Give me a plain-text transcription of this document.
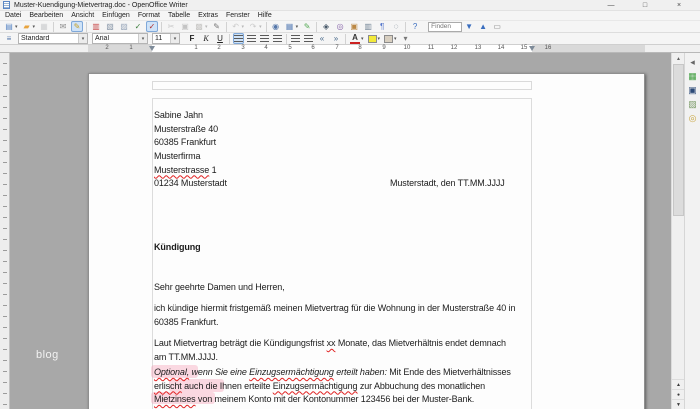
Muster-Kuendigung-Mietvertrag.doc - OpenOffice Writer	—	□	×
Datei	Bearbeiten	Ansicht	Einfügen	Format	Tabelle	Extras	Fenster	Hilfe
▤ ▾ ▰ ▾ ▦ ✉ ✎ ▥ ▧ ▨ ✓ ✓ ✂ ▣ ▩ ▾ ✎ ↶ ▾ ↷ ▾ ◉ ▦ ▾ ✎ ◈ ◎ ▣ ▥	¶	◌	?
Finden	▼ ▲ ▭
≡	Standard	▾	Arial	▾	11	▾	F	K U	«	»	A ▾	▾	▾ ▾
2	1	1	2	3	4	5	6	7	8	9	10	11	12	13	14	15	16
Sabine Jahn
Musterstraße 40
60385 Frankfurt
Musterfirma
Musterstrasse 1
01234 Musterstadt	Musterstadt, den TT.MM.JJJJ
Kündigung
Sehr geehrte Damen und Herren,
ich kündige hiermit fristgemäß meinen Mietvertrag für die Wohnung in der Musterstraße 40 in
60385 Frankfurt.
Laut Mietvertrag beträgt die Kündigungsfrist xx Monate, das Mietverhältnis endet demnach
am TT.MM.JJJJ.
Optional, wenn Sie eine Einzugsermächtigung erteilt haben: Mit Ende des Mietverhältnisses
erlischt auch die Ihnen erteilte Einzugsermächtigung zur Abbuchung des monatlichen
Mietzinses von meinem Konto mit der Kontonummer 123456 bei der Muster-Bank.
blog
▲
▲
●
▼
◂
▦
▣
▨
◎
